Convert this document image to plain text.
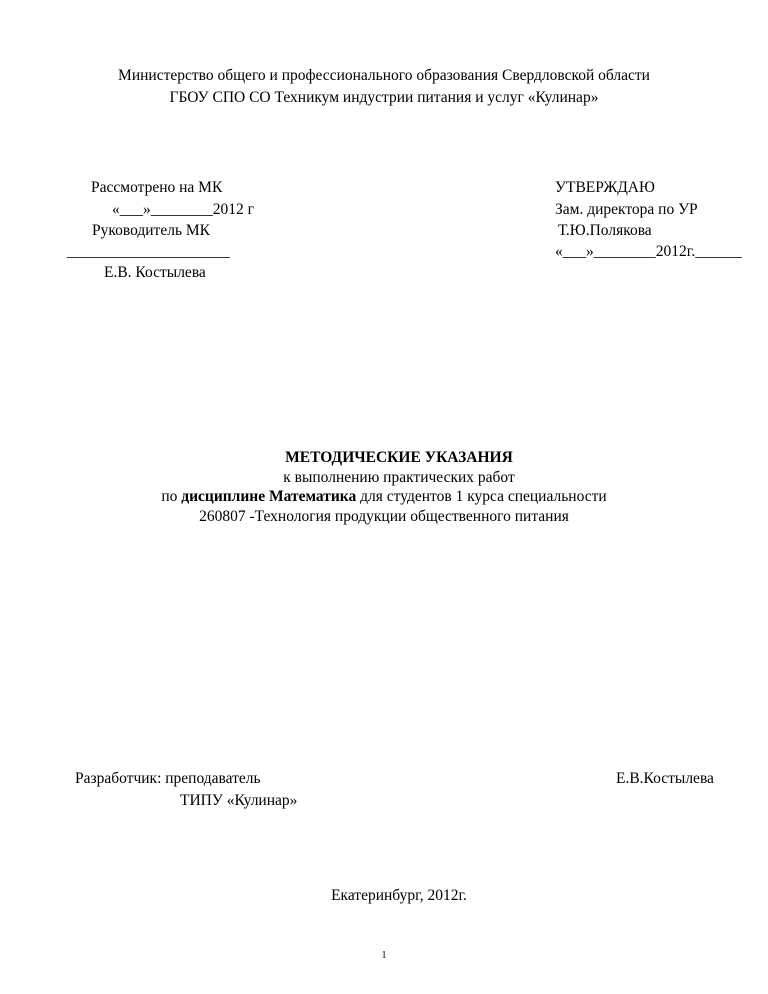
Министерство общего и профессионального образования Свердловской области
ГБОУ СПО СО Техникум индустрии питания и услуг «Кулинар»
Рассмотрено на МК
«___»________2012 г
Руководитель МК
_____________________
Е.В. Костылева
УТВЕРЖДАЮ
Зам. директора по УР
Т.Ю.Полякова
«___»________2012г.______
МЕТОДИЧЕСКИЕ УКАЗАНИЯ
к выполнению практических работ
по дисциплине Математика для студентов 1 курса специальности
260807 -Технология продукции общественного питания
Разработчик: преподаватель	Е.В.Костылева
ТИПУ «Кулинар»
Екатеринбург, 2012г.
1
